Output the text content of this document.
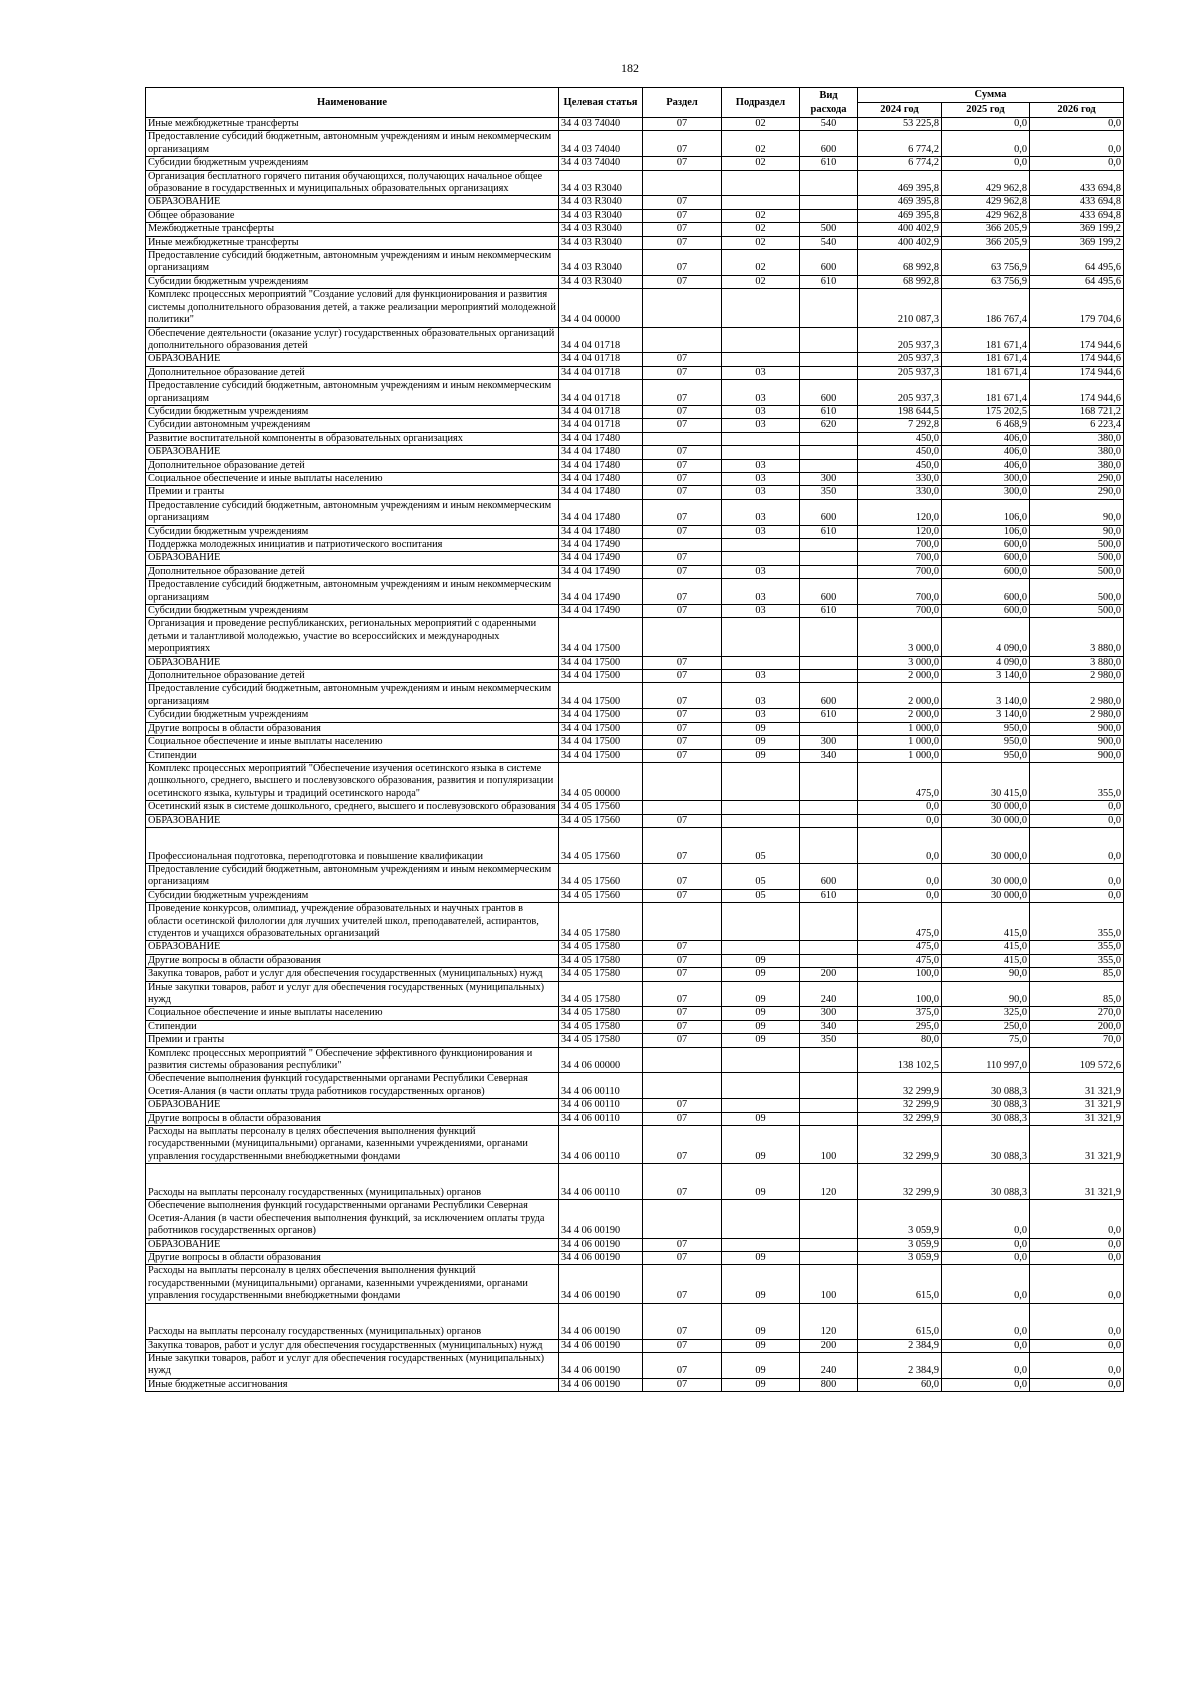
182
Наименование	Целевая статья	Раздел	Подраздел	Вид расхода	Сумма		
					2024 год	2025 год	2026 год
Иные межбюджетные трансферты	34 4 03 74040	07	02	540	53 225,8	0,0	0,0
Предоставление субсидий бюджетным, автономным учреждениям и иным некоммерческим организациям	34 4 03 74040	07	02	600	6 774,2	0,0	0,0
Субсидии бюджетным учреждениям	34 4 03 74040	07	02	610	6 774,2	0,0	0,0
Организация бесплатного горячего питания обучающихся, получающих начальное общее образование в государственных и муниципальных образовательных организациях	34 4 03 R3040				469 395,8	429 962,8	433 694,8
ОБРАЗОВАНИЕ	34 4 03 R3040	07			469 395,8	429 962,8	433 694,8
Общее образование	34 4 03 R3040	07	02		469 395,8	429 962,8	433 694,8
Межбюджетные трансферты	34 4 03 R3040	07	02	500	400 402,9	366 205,9	369 199,2
Иные межбюджетные трансферты	34 4 03 R3040	07	02	540	400 402,9	366 205,9	369 199,2
Предоставление субсидий бюджетным, автономным учреждениям и иным некоммерческим организациям	34 4 03 R3040	07	02	600	68 992,8	63 756,9	64 495,6
Субсидии бюджетным учреждениям	34 4 03 R3040	07	02	610	68 992,8	63 756,9	64 495,6
Комплекс процессных мероприятий "Создание условий для функционирования и развития системы дополнительного образования детей, а также реализации мероприятий молодежной политики"	34 4 04 00000				210 087,3	186 767,4	179 704,6
Обеспечение деятельности (оказание услуг) государственных образовательных организаций дополнительного образования детей	34 4 04 01718				205 937,3	181 671,4	174 944,6
ОБРАЗОВАНИЕ	34 4 04 01718	07			205 937,3	181 671,4	174 944,6
Дополнительное образование детей	34 4 04 01718	07	03		205 937,3	181 671,4	174 944,6
Предоставление субсидий бюджетным, автономным учреждениям и иным некоммерческим организациям	34 4 04 01718	07	03	600	205 937,3	181 671,4	174 944,6
Субсидии бюджетным учреждениям	34 4 04 01718	07	03	610	198 644,5	175 202,5	168 721,2
Субсидии автономным учреждениям	34 4 04 01718	07	03	620	7 292,8	6 468,9	6 223,4
Развитие воспитательной компоненты в образовательных организациях	34 4 04 17480				450,0	406,0	380,0
ОБРАЗОВАНИЕ	34 4 04 17480	07			450,0	406,0	380,0
Дополнительное образование детей	34 4 04 17480	07	03		450,0	406,0	380,0
Социальное обеспечение и иные выплаты населению	34 4 04 17480	07	03	300	330,0	300,0	290,0
Премии и гранты	34 4 04 17480	07	03	350	330,0	300,0	290,0
Предоставление субсидий бюджетным, автономным учреждениям и иным некоммерческим организациям	34 4 04 17480	07	03	600	120,0	106,0	90,0
Субсидии бюджетным учреждениям	34 4 04 17480	07	03	610	120,0	106,0	90,0
Поддержка молодежных инициатив и патриотического воспитания	34 4 04 17490				700,0	600,0	500,0
ОБРАЗОВАНИЕ	34 4 04 17490	07			700,0	600,0	500,0
Дополнительное образование детей	34 4 04 17490	07	03		700,0	600,0	500,0
Предоставление субсидий бюджетным, автономным учреждениям и иным некоммерческим организациям	34 4 04 17490	07	03	600	700,0	600,0	500,0
Субсидии бюджетным учреждениям	34 4 04 17490	07	03	610	700,0	600,0	500,0
Организация и проведение республиканских, региональных мероприятий с одаренными детьми и талантливой молодежью, участие во всероссийских и международных мероприятиях	34 4 04 17500				3 000,0	4 090,0	3 880,0
ОБРАЗОВАНИЕ	34 4 04 17500	07			3 000,0	4 090,0	3 880,0
Дополнительное образование детей	34 4 04 17500	07	03		2 000,0	3 140,0	2 980,0
Предоставление субсидий бюджетным, автономным учреждениям и иным некоммерческим организациям	34 4 04 17500	07	03	600	2 000,0	3 140,0	2 980,0
Субсидии бюджетным учреждениям	34 4 04 17500	07	03	610	2 000,0	3 140,0	2 980,0
Другие вопросы в области образования	34 4 04 17500	07	09		1 000,0	950,0	900,0
Социальное обеспечение и иные выплаты населению	34 4 04 17500	07	09	300	1 000,0	950,0	900,0
Стипендии	34 4 04 17500	07	09	340	1 000,0	950,0	900,0
Комплекс процессных мероприятий "Обеспечение изучения осетинского языка в системе дошкольного, среднего, высшего и послевузовского образования, развития и популяризации осетинского языка, культуры и традиций осетинского народа"	34 4 05 00000				475,0	30 415,0	355,0
Осетинский язык в системе дошкольного, среднего, высшего и послевузовского образования	34 4 05 17560				0,0	30 000,0	0,0
ОБРАЗОВАНИЕ	34 4 05 17560	07			0,0	30 000,0	0,0
Профессиональная подготовка, переподготовка и повышение квалификации	34 4 05 17560	07	05		0,0	30 000,0	0,0
Предоставление субсидий бюджетным, автономным учреждениям и иным некоммерческим организациям	34 4 05 17560	07	05	600	0,0	30 000,0	0,0
Субсидии бюджетным учреждениям	34 4 05 17560	07	05	610	0,0	30 000,0	0,0
Проведение конкурсов, олимпиад, учреждение образовательных и научных грантов в области осетинской филологии для лучших учителей школ, преподавателей, аспирантов, студентов и учащихся образовательных организаций	34 4 05 17580				475,0	415,0	355,0
ОБРАЗОВАНИЕ	34 4 05 17580	07			475,0	415,0	355,0
Другие вопросы в области образования	34 4 05 17580	07	09		475,0	415,0	355,0
Закупка товаров, работ и услуг для обеспечения государственных (муниципальных) нужд	34 4 05 17580	07	09	200	100,0	90,0	85,0
Иные закупки товаров, работ и услуг для обеспечения государственных (муниципальных) нужд	34 4 05 17580	07	09	240	100,0	90,0	85,0
Социальное обеспечение и иные выплаты населению	34 4 05 17580	07	09	300	375,0	325,0	270,0
Стипендии	34 4 05 17580	07	09	340	295,0	250,0	200,0
Премии и гранты	34 4 05 17580	07	09	350	80,0	75,0	70,0
Комплекс процессных мероприятий " Обеспечение эффективного функционирования и развития системы образования республики"	34 4 06 00000				138 102,5	110 997,0	109 572,6
Обеспечение выполнения функций государственными органами Республики Северная Осетия-Алания (в части оплаты труда работников государственных органов)	34 4 06 00110				32 299,9	30 088,3	31 321,9
ОБРАЗОВАНИЕ	34 4 06 00110	07			32 299,9	30 088,3	31 321,9
Другие вопросы в области образования	34 4 06 00110	07	09		32 299,9	30 088,3	31 321,9
Расходы на выплаты персоналу в целях обеспечения выполнения функций государственными (муниципальными) органами, казенными учреждениями, органами управления государственными внебюджетными фондами	34 4 06 00110	07	09	100	32 299,9	30 088,3	31 321,9
Расходы на выплаты персоналу государственных (муниципальных) органов	34 4 06 00110	07	09	120	32 299,9	30 088,3	31 321,9
Обеспечение выполнения функций государственными органами Республики Северная Осетия-Алания (в части обеспечения выполнения функций, за исключением оплаты труда работников государственных органов)	34 4 06 00190				3 059,9	0,0	0,0
ОБРАЗОВАНИЕ	34 4 06 00190	07			3 059,9	0,0	0,0
Другие вопросы в области образования	34 4 06 00190	07	09		3 059,9	0,0	0,0
Расходы на выплаты персоналу в целях обеспечения выполнения функций государственными (муниципальными) органами, казенными учреждениями, органами управления государственными внебюджетными фондами	34 4 06 00190	07	09	100	615,0	0,0	0,0
Расходы на выплаты персоналу государственных (муниципальных) органов	34 4 06 00190	07	09	120	615,0	0,0	0,0
Закупка товаров, работ и услуг для обеспечения государственных (муниципальных) нужд	34 4 06 00190	07	09	200	2 384,9	0,0	0,0
Иные закупки товаров, работ и услуг для обеспечения государственных (муниципальных) нужд	34 4 06 00190	07	09	240	2 384,9	0,0	0,0
Иные бюджетные ассигнования	34 4 06 00190	07	09	800	60,0	0,0	0,0
